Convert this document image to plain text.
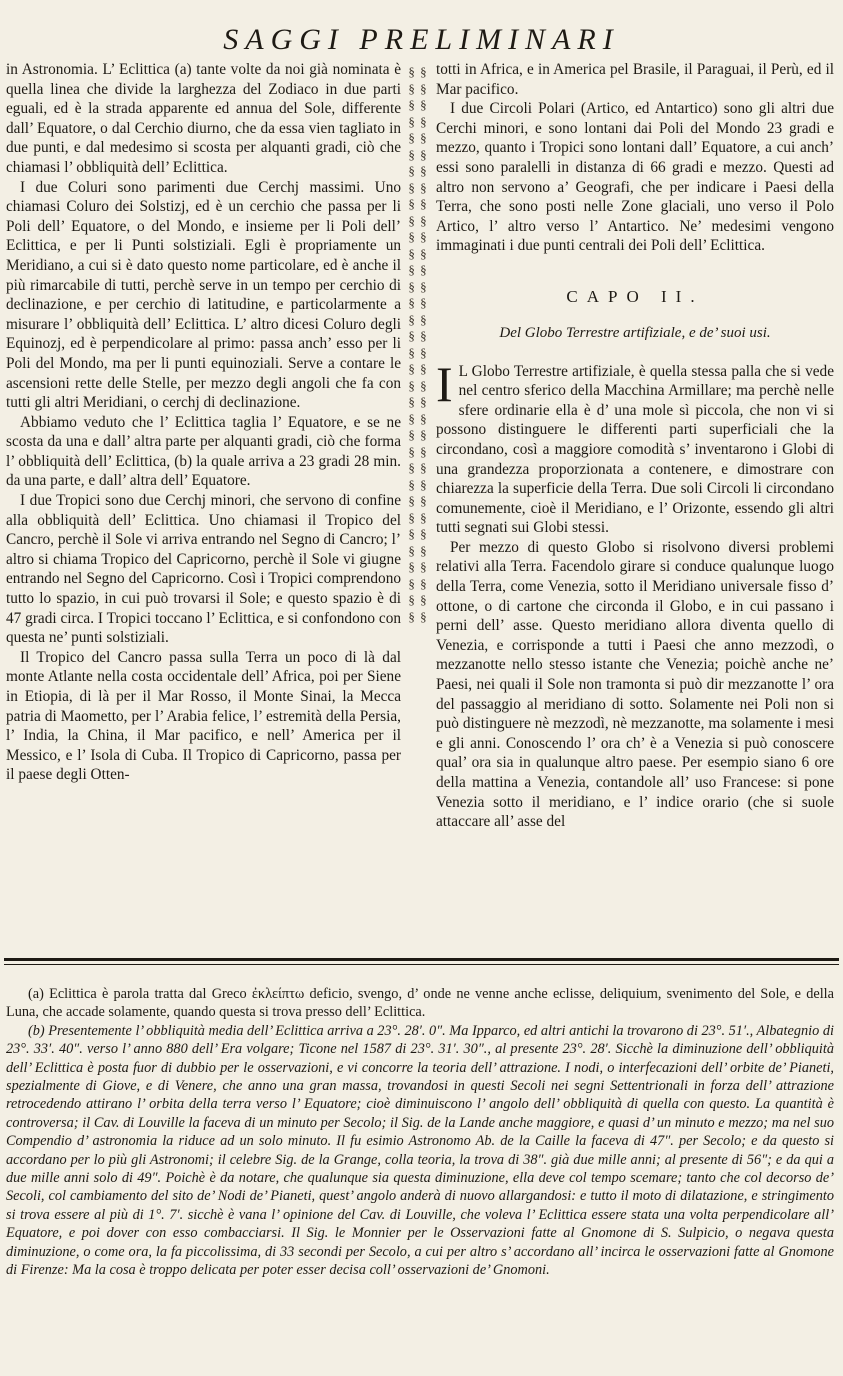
SAGGI PRELIMINARI

in Astronomia. L’ Eclittica (a) tante volte da noi già nominata è quella linea che divide la larghezza del Zodiaco in due parti eguali, ed è la strada apparente ed annua del Sole, differente dall’ Equatore, o dal Cerchio diurno, che da essa vien tagliato in due punti, e dal medesimo si scosta per alquanti gradi, ciò che chiamasi l’ obbliquità dell’ Eclittica.

I due Coluri sono parimenti due Cerchj massimi. Uno chiamasi Coluro dei Solstizj, ed è un cerchio che passa per li Poli dell’ Equatore, o del Mondo, e insieme per li Poli dell’ Eclittica, e per li Punti solstiziali. Egli è propriamente un Meridiano, a cui si è dato questo nome particolare, ed è anche il più rimarcabile di tutti, perchè serve in un tempo per cerchio di declinazione, e per cerchio di latitudine, e particolarmente a misurare l’ obbliquità dell’ Eclittica. L’ altro dicesi Coluro degli Equinozj, ed è perpendicolare al primo: passa anch’ esso per li Poli del Mondo, ma per li punti equinoziali. Serve a contare le ascensioni rette delle Stelle, per mezzo degli angoli che fa con tutti gli altri Meridiani, o cerchj di declinazione.

Abbiamo veduto che l’ Eclittica taglia l’ Equatore, e se ne scosta da una e dall’ altra parte per alquanti gradi, ciò che forma l’ obbliquità dell’ Eclittica, (b) la quale arriva a 23 gradi 28 min. da una parte, e dall’ altra dell’ Equatore.

I due Tropici sono due Cerchj minori, che servono di confine alla obbliquità dell’ Eclittica. Uno chiamasi il Tropico del Cancro, perchè il Sole vi arriva entrando nel Segno di Cancro; l’ altro si chiama Tropico del Capricorno, perchè il Sole vi giugne entrando nel Segno del Capricorno. Così i Tropici comprendono tutto lo spazio, in cui può trovarsi il Sole; e questo spazio è di 47 gradi circa. I Tropici toccano l’ Eclittica, e si confondono con questa ne’ punti solstiziali.

Il Tropico del Cancro passa sulla Terra un poco di là dal monte Atlante nella costa occidentale dell’ Africa, poi per Siene in Etiopia, di là per il Mar Rosso, il Monte Sinai, la Mecca patria di Maometto, per l’ Arabia felice, l’ estremità della Persia, l’ India, la China, il Mar pacifico, e nell’ America per il Messico, e l’ Isola di Cuba. Il Tropico di Capricorno, passa per il paese degli Otten-

§ § § § § § § § § § § § § § § § § § § § § § § § § § § § § § § § § § § § § § § § § § § § § § § § § § § § § § § § § § § § § § § § § § § §

totti in Africa, e in America pel Brasile, il Paraguai, il Perù, ed il Mar pacifico.

I due Circoli Polari (Artico, ed Antartico) sono gli altri due Cerchi minori, e sono lontani dai Poli del Mondo 23 gradi e mezzo, quanto i Tropici sono lontani dall’ Equatore, a cui anch’ essi sono paralelli in distanza di 66 gradi e mezzo. Questi ad altro non servono a’ Geografi, che per indicare i Paesi della Terra, che sono posti nelle Zone glaciali, uno verso il Polo Artico, l’ altro verso l’ Antartico. Ne’ medesimi vengono immaginati i due punti centrali dei Poli dell’ Eclittica.

CAPO II.
Del Globo Terrestre artifiziale, e de’ suoi usi.

I L Globo Terrestre artifiziale, è quella stessa palla che si vede nel centro sferico della Macchina Armillare; ma perchè nelle sfere ordinarie ella è d’ una mole sì piccola, che non vi si possono distinguere le differenti parti superficiali che la circondano, così a maggiore comodità s’ inventarono i Globi di una grandezza proporzionata a contenere, e dimostrare con chiarezza la superficie della Terra. Due soli Circoli li circondano comunemente, cioè il Meridiano, e l’ Orizonte, essendo gli altri tutti segnati sui Globi stessi.

Per mezzo di questo Globo si risolvono diversi problemi relativi alla Terra. Facendolo girare si conduce qualunque luogo della Terra, come Venezia, sotto il Meridiano universale fisso d’ ottone, o di cartone che circonda il Globo, e in cui passano i perni dell’ asse. Questo meridiano allora diventa quello di Venezia, e corrisponde a tutti i Paesi che anno mezzodì, o mezzanotte nello stesso istante che Venezia; poichè anche ne’ Paesi, nei quali il Sole non tramonta si può dir mezzanotte l’ ora del passaggio al meridiano di sotto. Solamente nei Poli non si può distinguere nè mezzodì, nè mezzanotte, ma solamente i mesi e gli anni. Conoscendo l’ ora ch’ è a Venezia si può conoscere qual’ ora sia in qualunque altro paese. Per esempio siano 6 ore della mattina a Venezia, contandole all’ uso Francese: si pone Venezia sotto il meridiano, e l’ indice orario (che si suole attaccare all’ asse del

(a) Eclittica è parola tratta dal Greco ἐκλείπτω deficio, svengo, d’ onde ne venne anche eclisse, deliquium, svenimento del Sole, e della Luna, che accade solamente, quando questa si trova presso dell’ Eclittica.

(b) Presentemente l’ obbliquità media dell’ Eclittica arriva a 23°. 28′. 0″. Ma Ipparco, ed altri antichi la trovarono di 23°. 51′., Albategnio di 23°. 33′. 40″. verso l’ anno 880 dell’ Era volgare; Ticone nel 1587 di 23°. 31′. 30″., al presente 23°. 28′. Sicchè la diminuzione dell’ obbliquità dell’ Eclittica è posta fuor di dubbio per le osservazioni, e vi concorre la teoria dell’ attrazione. I nodi, o interfecazioni dell’ orbite de’ Pianeti, spezialmente di Giove, e di Venere, che anno una gran massa, trovandosi in questi Secoli nei segni Settentrionali in forza dell’ attrazione retrocedendo attirano l’ orbita della terra verso l’ Equatore; cioè diminuiscono l’ angolo dell’ obbliquità di quella con questo. La quantità è controversa; il Cav. di Louville la faceva di un minuto per Secolo; il Sig. de la Lande anche maggiore, e quasi d’ un minuto e mezzo; ma nel suo Compendio d’ astronomia la riduce ad un solo minuto. Il fu esimio Astronomo Ab. de la Caille la faceva di 47″. per Secolo; e da questo si accordano per lo più gli Astronomi; il celebre Sig. de la Grange, colla teoria, la trova di 38″. già due mille anni; al presente di 56″; e da qui a due mille anni solo di 49″. Poichè è da notare, che qualunque sia questa diminuzione, ella deve col tempo scemare; tanto che col decorso de’ Secoli, col cambiamento del sito de’ Nodi de’ Pianeti, quest’ angolo anderà di nuovo allargandosi: e tutto il moto di dilatazione, e stringimento si trova essere al più di 1°. 7′. sicchè è vana l’ opinione del Cav. di Louville, che voleva l’ Eclittica essere stata una volta perpendicolare all’ Equatore, e poi dover con esso combacciarsi. Il Sig. le Monnier per le Osservazioni fatte al Gnomone di S. Sulpicio, o negava questa diminuzione, o come ora, la fa piccolissima, di 33 secondi per Secolo, a cui per altro s’ accordano all’ incirca le osservazioni fatte al Gnomone di Firenze: Ma la cosa è troppo delicata per poter esser decisa coll’ osservazioni de’ Gnomoni.
